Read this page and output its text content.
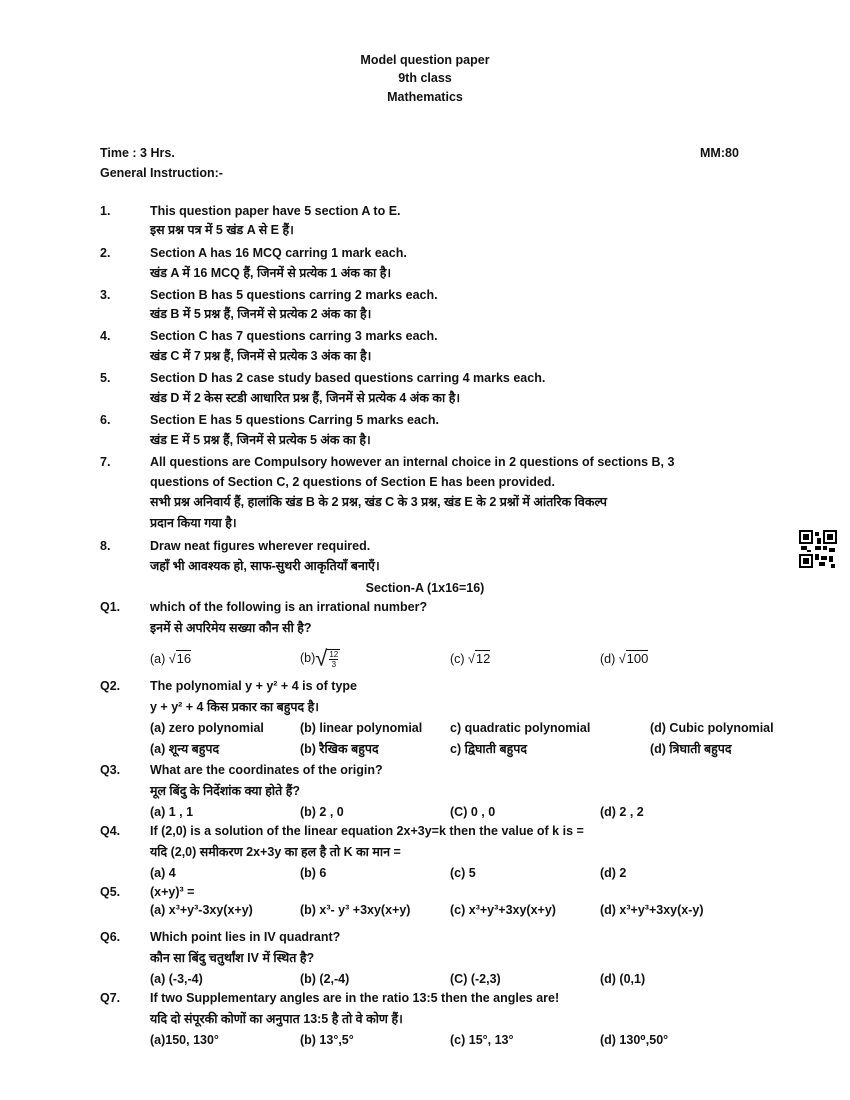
Model question paper
9th class
Mathematics
Time : 3 Hrs.	MM:80
General Instruction:-
1.	This question paper have 5 section A to E.
इस प्रश्न पत्र में 5 खंड A से E हैं।
2.	Section A has 16 MCQ carring 1 mark each.
खंड A में 16 MCQ हैं, जिनमें से प्रत्येक 1 अंक का है।
3.	Section B has 5 questions carring 2 marks each.
खंड B में 5 प्रश्न हैं, जिनमें से प्रत्येक 2 अंक का है।
4.	Section C has 7 questions carring 3 marks each.
खंड C में 7 प्रश्न हैं, जिनमें से प्रत्येक 3 अंक का है।
5.	Section D has 2 case study based questions carring 4 marks each.
खंड D में 2 केस स्टडी आधारित प्रश्न हैं, जिनमें से प्रत्येक 4 अंक का है।
6.	Section E has 5 questions Carring 5 marks each.
खंड E में 5 प्रश्न हैं, जिनमें से प्रत्येक 5 अंक का है।
7.	All questions are Compulsory however an internal choice in 2 questions of sections B, 3
questions of Section C, 2 questions of Section E has been provided.
सभी प्रश्न अनिवार्य हैं, हालांकि खंड B के 2 प्रश्न, खंड C के 3 प्रश्न, खंड E के 2 प्रश्नों में आंतरिक विकल्प
प्रदान किया गया है।
8.	Draw neat figures wherever required.
जहाँ भी आवश्यक हो, साफ-सुथरी आकृतियाँ बनाएँ।
Section-A (1x16=16)
Q1. which of the following is an irrational number?
इनमें से अपरिमेय सख्या कौन सी है?
(a) √16	$(b)√ \frac{12}{3}$	(c) √12	(d) √100
Q2. The polynomial y + y² + 4 is of type
y + y² + 4 किस प्रकार का बहुपद है।
(a) zero polynomial	(b) linear polynomial c) quadratic polynomial	(d) Cubic polynomial
(a) शून्य बहुपद	(b) रैखिक बहुपद	c) द्विघाती बहुपद	(d) त्रिघाती बहुपद
Q3. What are the coordinates of the origin?
मूल बिंदु के निर्देशांक क्या होते हैं?
(a) 1 , 1	(b) 2 , 0	(C) 0 , 0	(d) 2 , 2
Q4. If (2,0) is a solution of the linear equation 2x+3y=k then the value of k is =
यदि (2,0) समीकरण 2x+3y का हल है तो K का मान =
(a) 4	(b) 6	(c) 5	(d) 2
Q5. (x+y)³ =
(a) x³+y³-3xy(x+y)	(b) x³- y³ +3xy(x+y)	(c) x³+y³+3xy(x+y)	(d) x³+y³+3xy(x-y)
Q6. Which point lies in IV quadrant?
कौन सा बिंदु चतुर्थांश IV में स्थित है?
(a) (-3,-4)	(b) (2,-4)	(C) (-2,3)	(d) (0,1)
Q7. If two Supplementary angles are in the ratio 13:5 then the angles are!
यदि दो संपूरकी कोणों का अनुपात 13:5 है तो वे कोण हैं।
(a)150, 130°	(b) 13°,5°	(c) 15°, 13°	(d) 130⁰,50°
